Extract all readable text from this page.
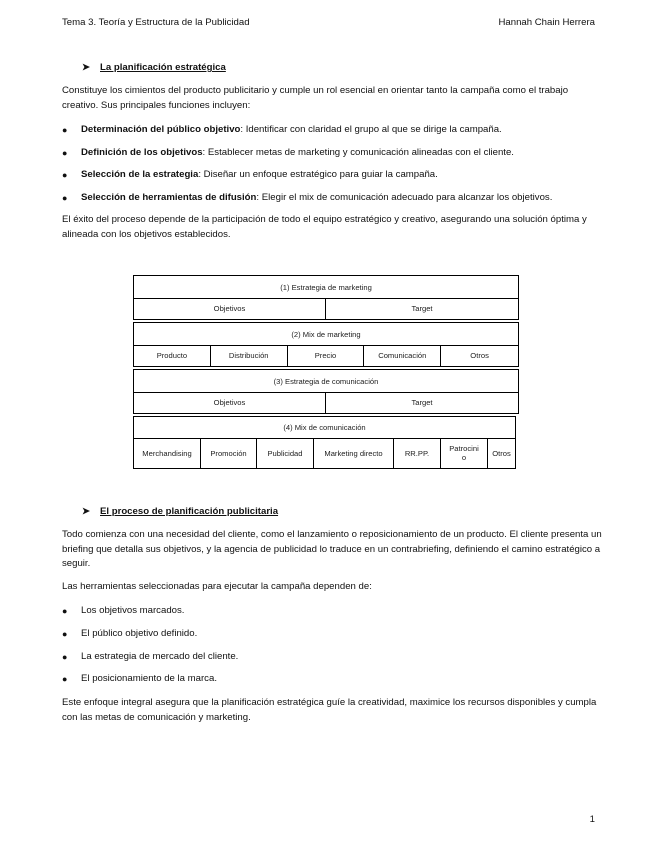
Tema 3. Teoría y Estructura de la Publicidad	Hannah Chain Herrera
➤ La planificación estratégica
Constituye los cimientos del producto publicitario y cumple un rol esencial en orientar tanto la campaña como el trabajo creativo. Sus principales funciones incluyen:
● Determinación del público objetivo: Identificar con claridad el grupo al que se dirige la campaña.
● Definición de los objetivos: Establecer metas de marketing y comunicación alineadas con el cliente.
● Selección de la estrategia: Diseñar un enfoque estratégico para guiar la campaña.
● Selección de herramientas de difusión: Elegir el mix de comunicación adecuado para alcanzar los objetivos.
El éxito del proceso depende de la participación de todo el equipo estratégico y creativo, asegurando una solución óptima y alineada con los objetivos establecidos.
(1) Estrategia de marketing
Objetivos	Target
(2) Mix de marketing
Producto	Distribución	Precio	Comunicación	Otros
(3) Estrategia de comunicación
Objetivos	Target
(4) Mix de comunicación
Merchandising	Promoción	Publicidad	Marketing directo	RR.PP.	Patrocinio	Otros
➤ El proceso de planificación publicitaria
Todo comienza con una necesidad del cliente, como el lanzamiento o reposicionamiento de un producto. El cliente presenta un briefing que detalla sus objetivos, y la agencia de publicidad lo traduce en un contrabriefing, definiendo el camino estratégico a seguir.
Las herramientas seleccionadas para ejecutar la campaña dependen de:
● Los objetivos marcados.
● El público objetivo definido.
● La estrategia de mercado del cliente.
● El posicionamiento de la marca.
Este enfoque integral asegura que la planificación estratégica guíe la creatividad, maximice los recursos disponibles y cumpla con las metas de comunicación y marketing.
1
